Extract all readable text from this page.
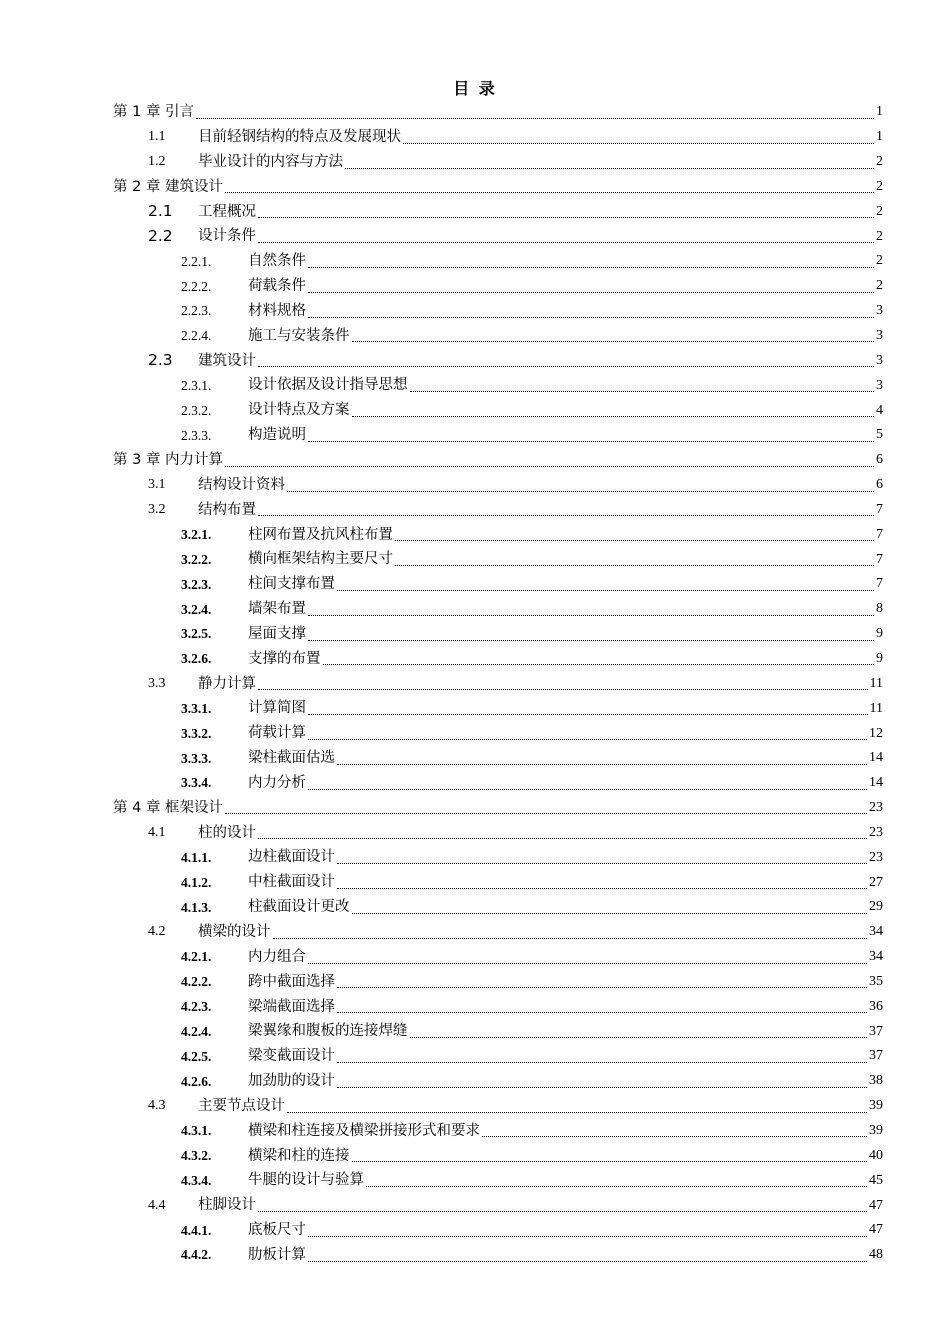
目 录
第 1 章 引言	1
1.1 目前轻钢结构的特点及发展现状	1
1.2 毕业设计的内容与方法	2
第 2 章 建筑设计	2
2.1 工程概况	2
2.2 设计条件	2
2.2.1.	自然条件	2
2.2.2.	荷载条件	2
2.2.3.	材料规格	3
2.2.4.	施工与安装条件	3
2.3 建筑设计	3
2.3.1.	设计依据及设计指导思想	3
2.3.2.	设计特点及方案	4
2.3.3.	构造说明	5
第 3 章 内力计算	6
3.1 结构设计资料	6
3.2 结构布置	7
3.2.1.	柱网布置及抗风柱布置	7
3.2.2.	横向框架结构主要尺寸	7
3.2.3.	柱间支撑布置	7
3.2.4.	墙架布置	8
3.2.5.	屋面支撑	9
3.2.6.	支撑的布置	9
3.3 静力计算	11
3.3.1.	计算简图	11
3.3.2.	荷载计算	12
3.3.3.	梁柱截面估选	14
3.3.4.	内力分析	14
第 4 章 框架设计	23
4.1 柱的设计	23
4.1.1.	边柱截面设计	23
4.1.2.	中柱截面设计	27
4.1.3.	柱截面设计更改	29
4.2 横梁的设计	34
4.2.1.	内力组合	34
4.2.2.	跨中截面选择	35
4.2.3.	梁端截面选择	36
4.2.4.	梁翼缘和腹板的连接焊缝	37
4.2.5.	梁变截面设计	37
4.2.6.	加劲肋的设计	38
4.3 主要节点设计	39
4.3.1.	横梁和柱连接及横梁拼接形式和要求	39
4.3.2.	横梁和柱的连接	40
4.3.4.	牛腿的设计与验算	45
4.4 柱脚设计	47
4.4.1.	底板尺寸	47
4.4.2.	肋板计算	48
